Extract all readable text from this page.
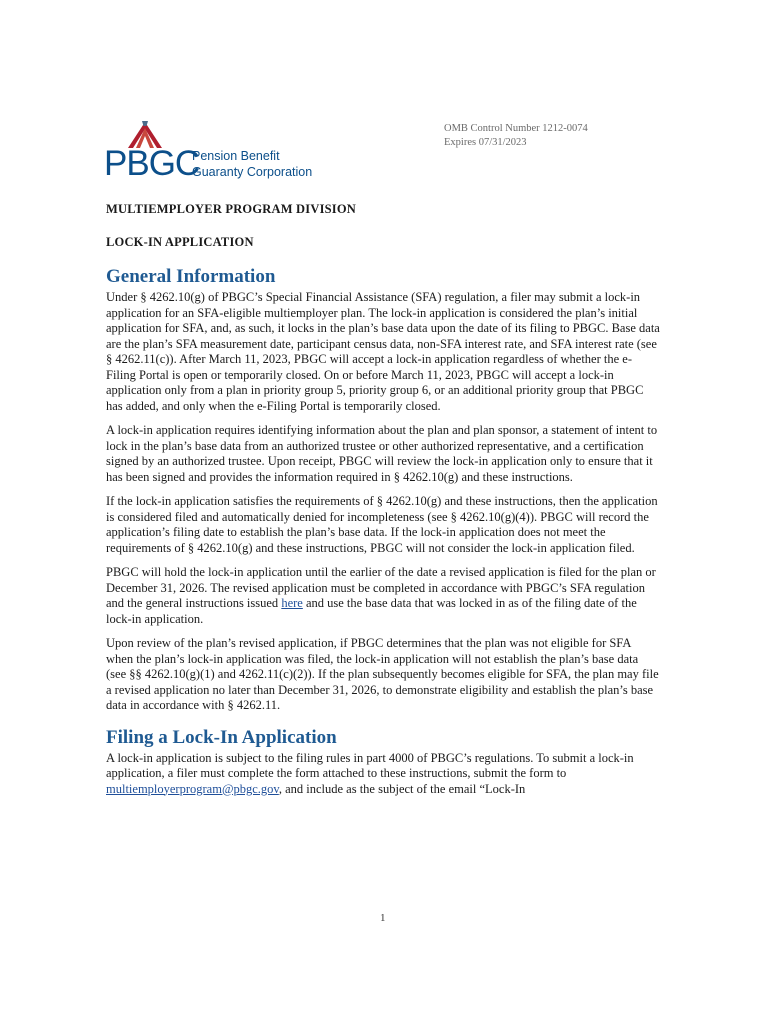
PBGC
Pension Benefit
Guaranty Corporation
OMB Control Number 1212-0074
Expires 07/31/2023
MULTIEMPLOYER PROGRAM DIVISION
LOCK-IN APPLICATION
General Information

Under § 4262.10(g) of PBGC’s Special Financial Assistance (SFA) regulation, a filer may submit a lock-in application for an SFA-eligible multiemployer plan. The lock-in application is considered the plan’s initial application for SFA, and, as such, it locks in the plan’s base data upon the date of its filing to PBGC. Base data are the plan’s SFA measurement date, participant census data, non-SFA interest rate, and SFA interest rate (see § 4262.11(c)). After March 11, 2023, PBGC will accept a lock-in application regardless of whether the e-Filing Portal is open or temporarily closed. On or before March 11, 2023, PBGC will accept a lock-in application only from a plan in priority group 5, priority group 6, or an additional priority group that PBGC has added, and only when the e-Filing Portal is temporarily closed.

A lock-in application requires identifying information about the plan and plan sponsor, a statement of intent to lock in the plan’s base data from an authorized trustee or other authorized representative, and a certification signed by an authorized trustee. Upon receipt, PBGC will review the lock-in application only to ensure that it has been signed and provides the information required in § 4262.10(g) and these instructions.

If the lock-in application satisfies the requirements of § 4262.10(g) and these instructions, then the application is considered filed and automatically denied for incompleteness (see § 4262.10(g)(4)). PBGC will record the application’s filing date to establish the plan’s base data. If the lock-in application does not meet the requirements of § 4262.10(g) and these instructions, PBGC will not consider the lock-in application filed.

PBGC will hold the lock-in application until the earlier of the date a revised application is filed for the plan or December 31, 2026. The revised application must be completed in accordance with PBGC’s SFA regulation and the general instructions issued here and use the base data that was locked in as of the filing date of the lock-in application.

Upon review of the plan’s revised application, if PBGC determines that the plan was not eligible for SFA when the plan’s lock-in application was filed, the lock-in application will not establish the plan’s base data (see §§ 4262.10(g)(1) and 4262.11(c)(2)). If the plan subsequently becomes eligible for SFA, the plan may file a revised application no later than December 31, 2026, to demonstrate eligibility and establish the plan’s base data in accordance with § 4262.11.

Filing a Lock-In Application

A lock-in application is subject to the filing rules in part 4000 of PBGC’s regulations. To submit a lock-in application, a filer must complete the form attached to these instructions, submit the form to multiemployerprogram@pbgc.gov, and include as the subject of the email “Lock-In

1
